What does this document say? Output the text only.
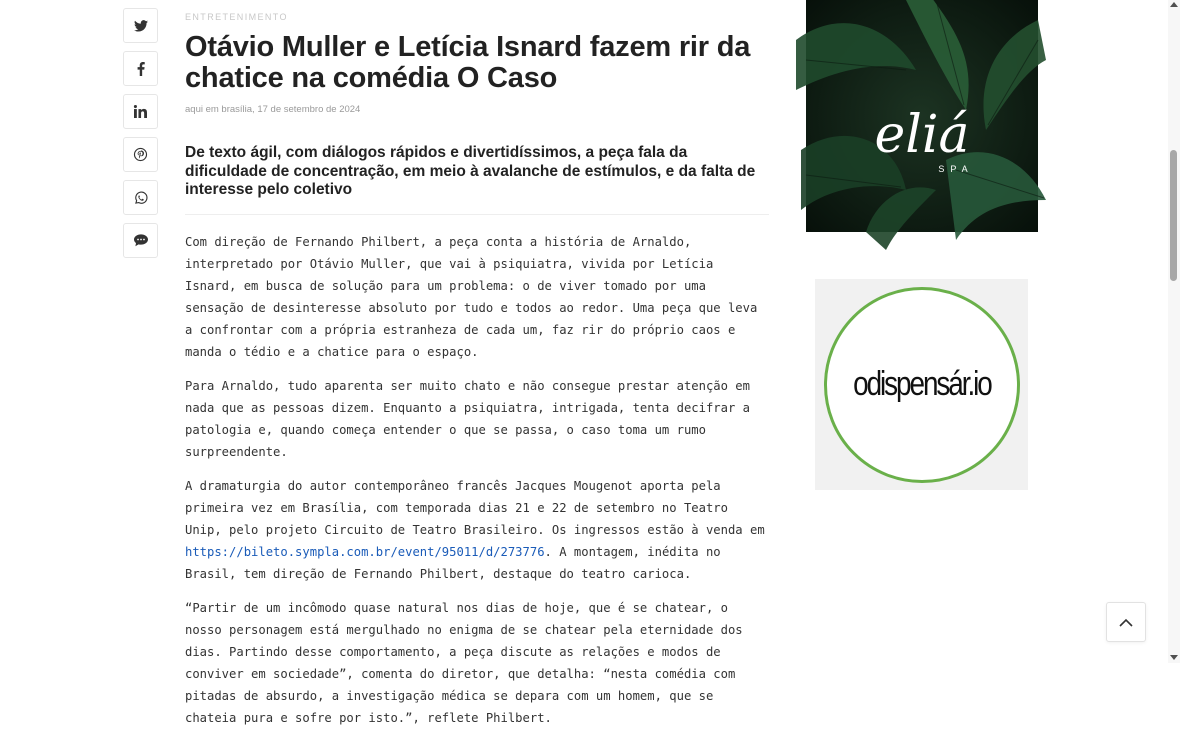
ENTRETENIMENTO
Otávio Muller e Letícia Isnard fazem rir da chatice na comédia O Caso
aqui em brasília, 17 de setembro de 2024
De texto ágil, com diálogos rápidos e divertidíssimos, a peça fala da dificuldade de concentração, em meio à avalanche de estímulos, e da falta de interesse pelo coletivo

Com direção de Fernando Philbert, a peça conta a história de Arnaldo, interpretado por Otávio Muller, que vai à psiquiatra, vivida por Letícia Isnard, em busca de solução para um problema: o de viver tomado por uma sensação de desinteresse absoluto por tudo e todos ao redor. Uma peça que leva a confrontar com a própria estranheza de cada um, faz rir do próprio caos e manda o tédio e a chatice para o espaço.

Para Arnaldo, tudo aparenta ser muito chato e não consegue prestar atenção em nada que as pessoas dizem. Enquanto a psiquiatra, intrigada, tenta decifrar a patologia e, quando começa entender o que se passa, o caso toma um rumo surpreendente.

A dramaturgia do autor contemporâneo francês Jacques Mougenot aporta pela primeira vez em Brasília, com temporada dias 21 e 22 de setembro no Teatro Unip, pelo projeto Circuito de Teatro Brasileiro. Os ingressos estão à venda em https://bileto.sympla.com.br/event/95011/d/273776. A montagem, inédita no Brasil, tem direção de Fernando Philbert, destaque do teatro carioca.

“Partir de um incômodo quase natural nos dias de hoje, que é se chatear, o nosso personagem está mergulhado no enigma de se chatear pela eternidade dos dias. Partindo desse comportamento, a peça discute as relações e modos de conviver em sociedade”, comenta do diretor, que detalha: “nesta comédia com pitadas de absurdo, a investigação médica se depara com um homem, que se chateia pura e sofre por isto.”, reflete Philbert.

eliá
SPA
odispensár.io
